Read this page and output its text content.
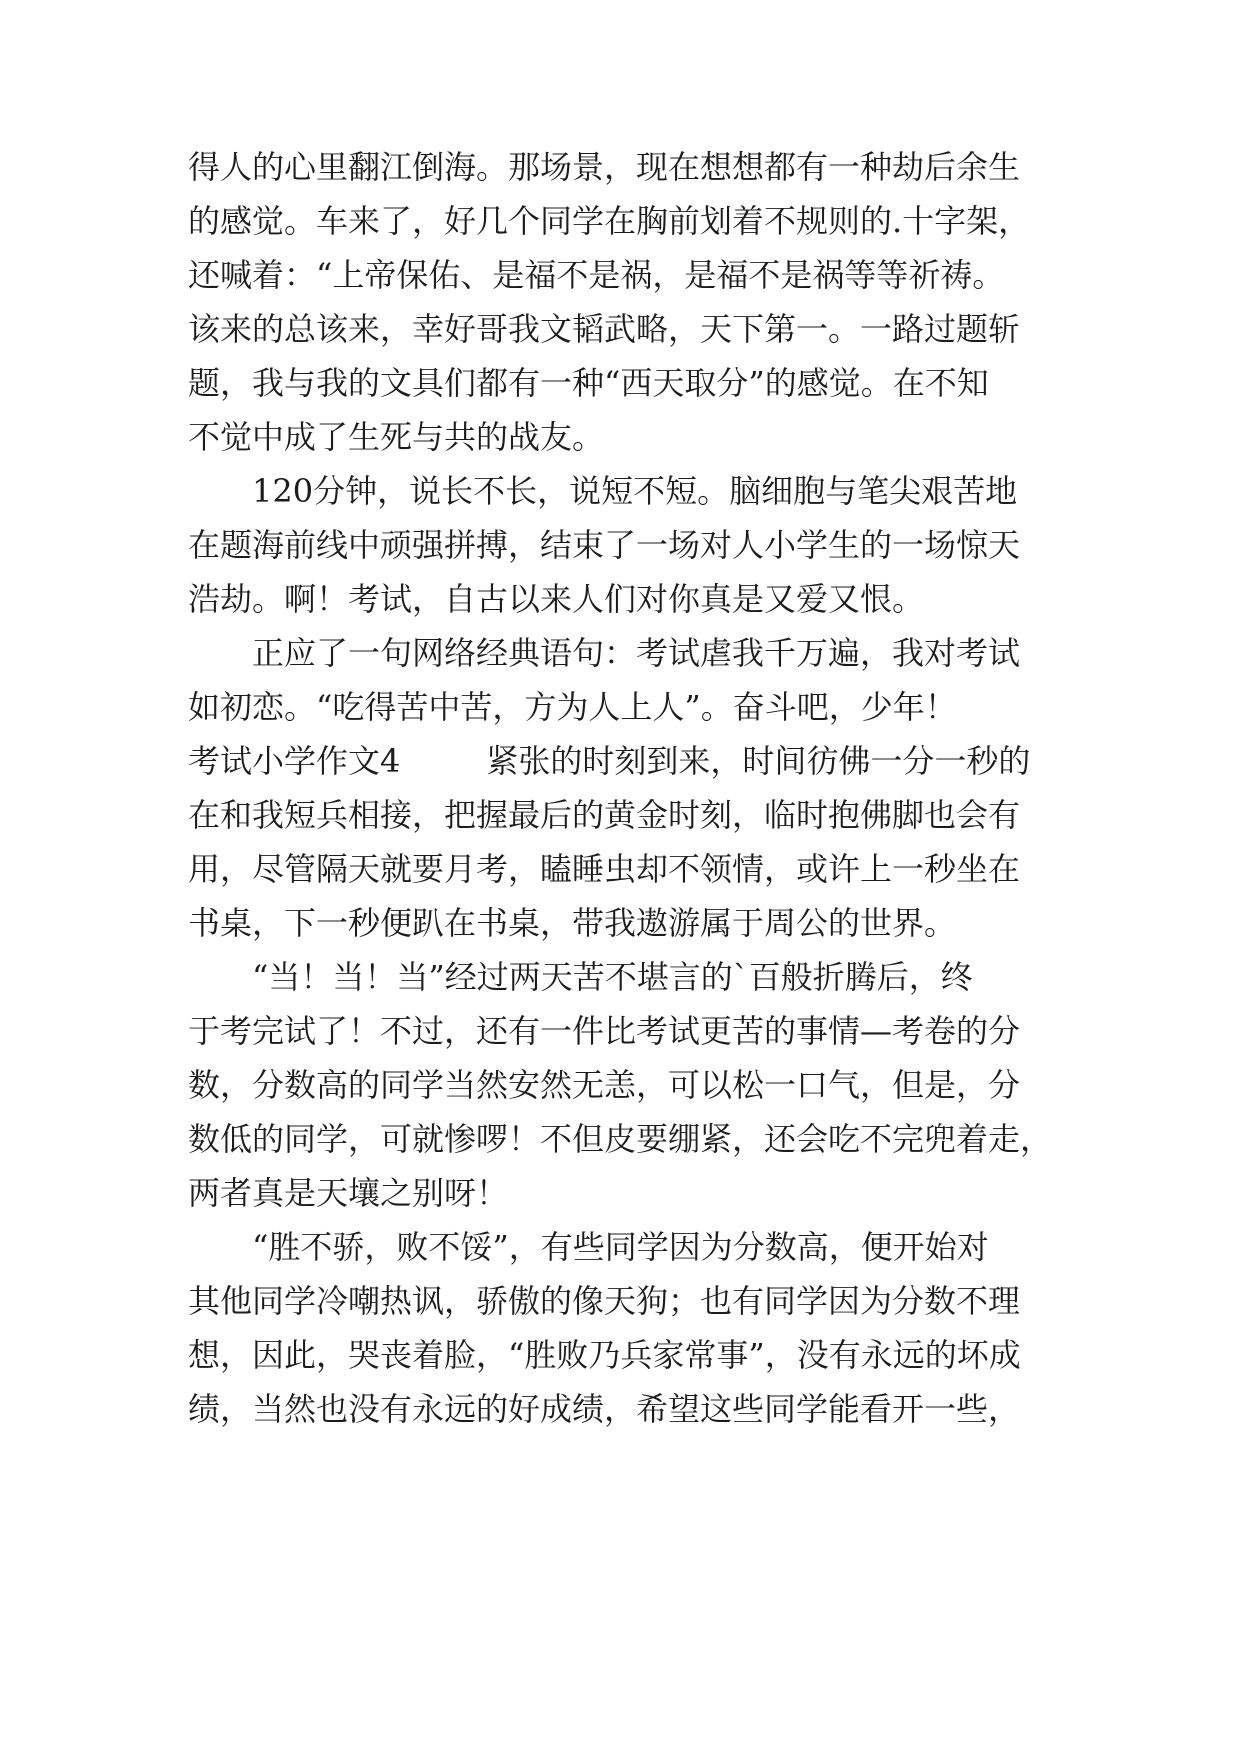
得人的心里翻江倒海。那场景，现在想想都有一种劫后余生
的感觉。车来了，好几个同学在胸前划着不规则的.十字架，
还喊着：“上帝保佑、是福不是祸，是福不是祸等等祈祷。
该来的总该来，幸好哥我文韬武略，天下第一。一路过题斩
题，我与我的文具们都有一种“西天取分”的感觉。在不知
不觉中成了生死与共的战友。
120分钟，说长不长，说短不短。脑细胞与笔尖艰苦地
在题海前线中顽强拼搏，结束了一场对人小学生的一场惊天
浩劫。啊！考试，自古以来人们对你真是又爱又恨。
正应了一句网络经典语句：考试虐我千万遍，我对考试
如初恋。“吃得苦中苦，方为人上人”。奋斗吧，少年！
考试小学作文4	紧张的时刻到来，时间彷佛一分一秒的
在和我短兵相接，把握最后的黄金时刻，临时抱佛脚也会有
用，尽管隔天就要月考，瞌睡虫却不领情，或许上一秒坐在
书桌，下一秒便趴在书桌，带我遨游属于周公的世界。
“当！当！当”经过两天苦不堪言的`百般折腾后，终
于考完试了！不过，还有一件比考试更苦的事情—考卷的分
数，分数高的同学当然安然无恙，可以松一口气，但是，分
数低的同学，可就惨啰！不但皮要绷紧，还会吃不完兜着走，
两者真是天壤之别呀！
“胜不骄，败不馁”，有些同学因为分数高，便开始对
其他同学冷嘲热讽，骄傲的像天狗；也有同学因为分数不理
想，因此，哭丧着脸，“胜败乃兵家常事”，没有永远的坏成
绩，当然也没有永远的好成绩，希望这些同学能看开一些，
